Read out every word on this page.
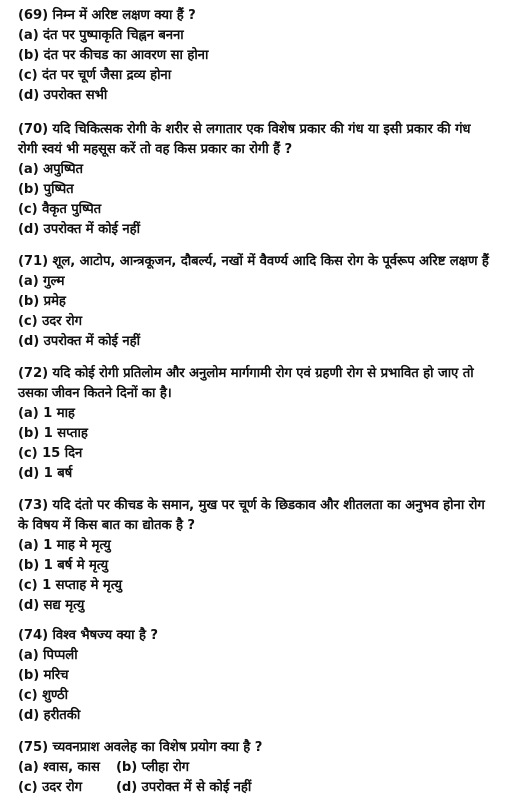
(69) निम्न में अरिष्ट लक्षण क्या हैं ?
(a) दंत पर पुष्पाकृति चिह्नन बनना
(b) दंत पर कीचड का आवरण सा होना
(c) दंत पर चूर्ण जैसा द्रव्य होना
(d) उपरोक्त सभी
(70) यदि चिकित्सक रोगी के शरीर से लगातार एक विशेष प्रकार की गंध या इसी प्रकार की गंध
रोगी स्वयं भी महसूस करें तो वह किस प्रकार का रोगी हैं ?
(a) अपुष्पित
(b) पुष्पित
(c) वैकृत पुष्पित
(d) उपरोक्त में कोई नहीं
(71) शूल, आटोप, आन्त्रकूजन, दौबर्ल्य, नखों में वैवर्ण्य आदि किस रोग के पूर्वरूप अरिष्ट लक्षण हैं
(a) गुल्म
(b) प्रमेह
(c) उदर रोग
(d) उपरोक्त में कोई नहीं
(72) यदि कोई रोगी प्रतिलोम और अनुलोम मार्गगामी रोग एवं ग्रहणी रोग से प्रभावित हो जाए तो
उसका जीवन कितने दिनों का है।
(a) 1 माह
(b) 1 सप्ताह
(c) 15 दिन
(d) 1 बर्ष
(73) यदि दंतो पर कीचड के समान, मुख पर चूर्ण के छिडकाव और शीतलता का अनुभव होना रोग
के विषय में किस बात का द्योतक है ?
(a) 1 माह मे मृत्यु
(b) 1 बर्ष मे मृत्यु
(c) 1 सप्ताह मे मृत्यु
(d) सद्य मृत्यु
(74) विश्व भैषज्य क्या है ?
(a) पिप्पली
(b) मरिच
(c) शुण्ठी
(d) हरीतकी
(75) च्यवनप्राश अवलेह का विशेष प्रयोग क्या है ?
(a) श्वास, कास (b) प्लीहा रोग
(c) उदर रोग	(d) उपरोक्त में से कोई नहीं
